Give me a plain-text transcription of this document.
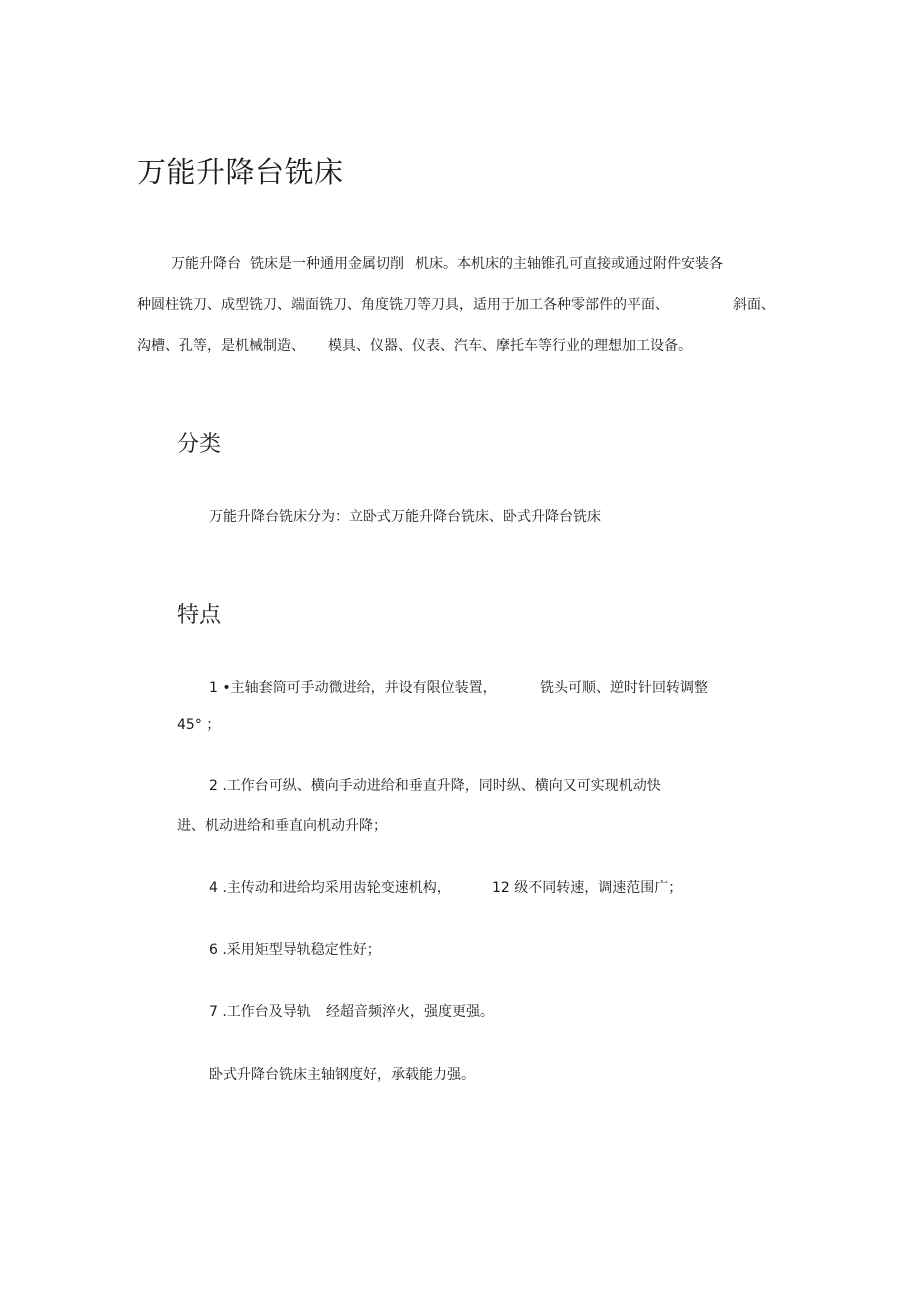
万能升降台铣床
万能升降台 铣床是一种通用金属切削 机床。本机床的主轴锥孔可直接或通过附件安装各
种圆柱铣刀、成型铣刀、端面铣刀、角度铣刀等刀具，适用于加工各种零部件的平面、	斜面、
沟槽、孔等，是机械制造、 模具、仪器、仪表、汽车、摩托车等行业的理想加工设备。
分类
万能升降台铣床分为：立卧式万能升降台铣床、卧式升降台铣床
特点
1 •主轴套筒可手动微进给，并设有限位装置，	铣头可顺、逆时针回转调整
45° ；
2 .工作台可纵、横向手动进给和垂直升降，同时纵、横向又可实现机动快
进、机动进给和垂直向机动升降；
4 .主传动和进给均采用齿轮变速机构，	12 级不同转速，调速范围广；
6 .采用矩型导轨稳定性好；
7 .工作台及导轨 经超音频淬火，强度更强。
卧式升降台铣床主轴钢度好，承载能力强。
